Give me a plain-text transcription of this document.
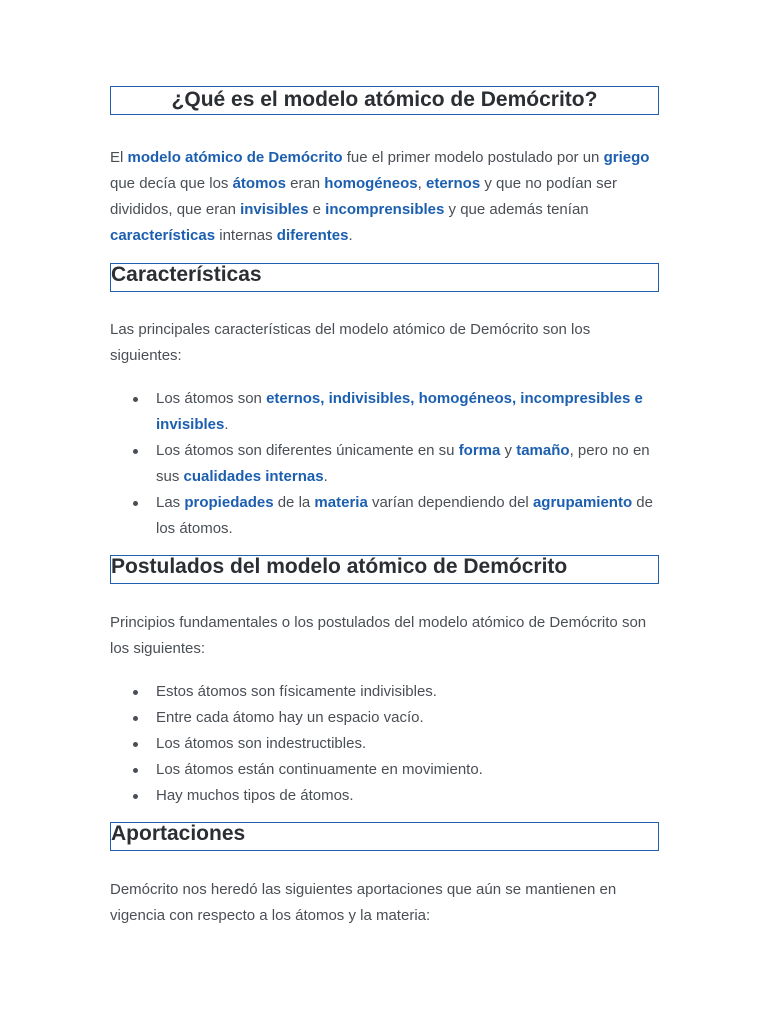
¿Qué es el modelo atómico de Demócrito?

El modelo atómico de Demócrito fue el primer modelo postulado por un griego que decía que los átomos eran homogéneos, eternos y que no podían ser divididos, que eran invisibles e incomprensibles y que además tenían características internas diferentes.

Características

Las principales características del modelo atómico de Demócrito son los siguientes:

Los átomos son eternos, indivisibles, homogéneos, incompresibles e invisibles.
Los átomos son diferentes únicamente en su forma y tamaño, pero no en sus cualidades internas.
Las propiedades de la materia varían dependiendo del agrupamiento de los átomos.
Postulados del modelo atómico de Demócrito

Principios fundamentales o los postulados del modelo atómico de Demócrito son los siguientes:

Estos átomos son físicamente indivisibles.
Entre cada átomo hay un espacio vacío.
Los átomos son indestructibles.
Los átomos están continuamente en movimiento.
Hay muchos tipos de átomos.
Aportaciones

Demócrito nos heredó las siguientes aportaciones que aún se mantienen en vigencia con respecto a los átomos y la materia:
